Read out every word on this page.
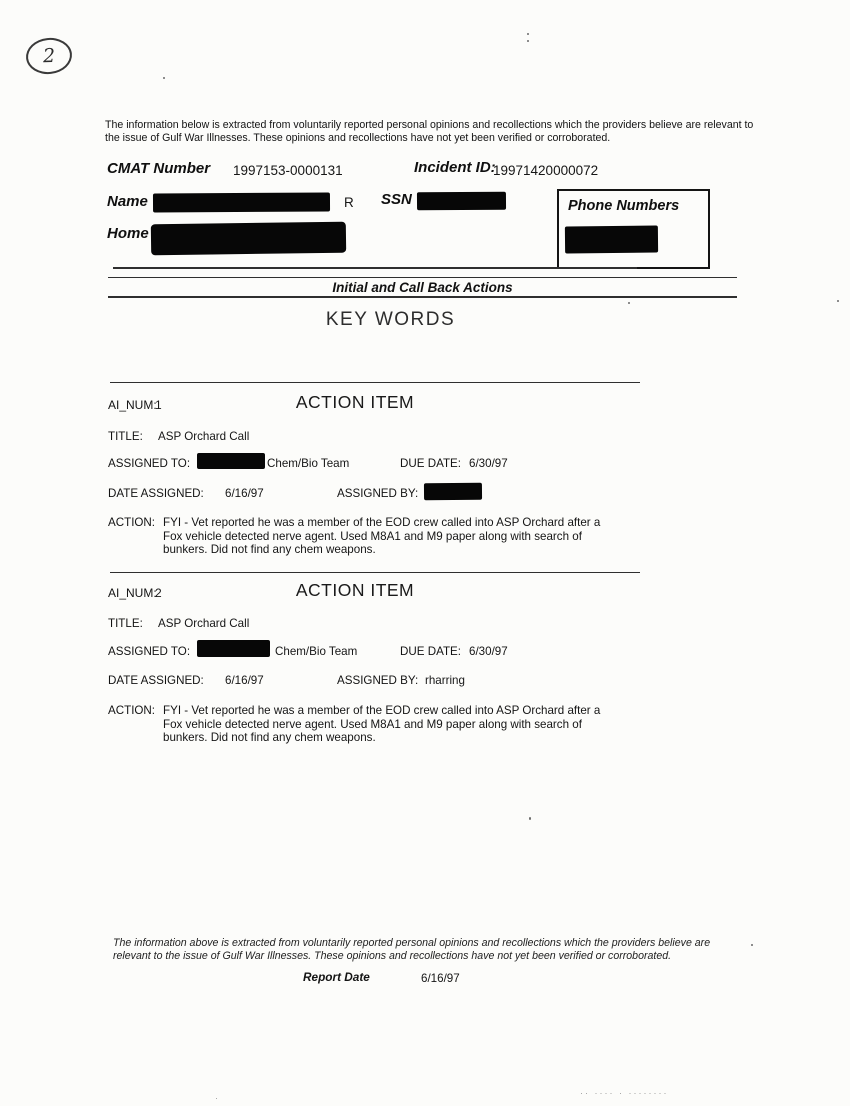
2
The information below is extracted from voluntarily reported personal opinions and recollections which the providers believe are relevant to the issue of Gulf War Illnesses. These opinions and recollections have not yet been verified or corroborated.
CMAT Number 1997153-0000131	Incident ID:
19971420000072
Name	R SSN	Phone Numbers
Home
Initial and Call Back Actions
KEY WORDS
AI_NUM:
1	ACTION ITEM
TITLE: ASP Orchard Call
ASSIGNED TO:	Chem/Bio Team	DUE DATE: 6/30/97
DATE ASSIGNED: 6/16/97	ASSIGNED BY:
ACTION: FYI - Vet reported he was a member of the EOD crew called into ASP Orchard after a Fox vehicle detected nerve agent. Used M8A1 and M9 paper along with search of bunkers. Did not find any chem weapons.
AI_NUM:
2	ACTION ITEM
TITLE: ASP Orchard Call
ASSIGNED TO:	Chem/Bio Team	DUE DATE: 6/30/97
DATE ASSIGNED: 6/16/97	ASSIGNED BY: rharring
ACTION: FYI - Vet reported he was a member of the EOD crew called into ASP Orchard after a Fox vehicle detected nerve agent. Used M8A1 and M9 paper along with search of bunkers. Did not find any chem weapons.
The information above is extracted from voluntarily reported personal opinions and recollections which the providers believe are relevant to the issue of Gulf War Illnesses. These opinions and recollections have not yet been verified or corroborated.
Report Date	6/16/97
·· ···· · ········
·
